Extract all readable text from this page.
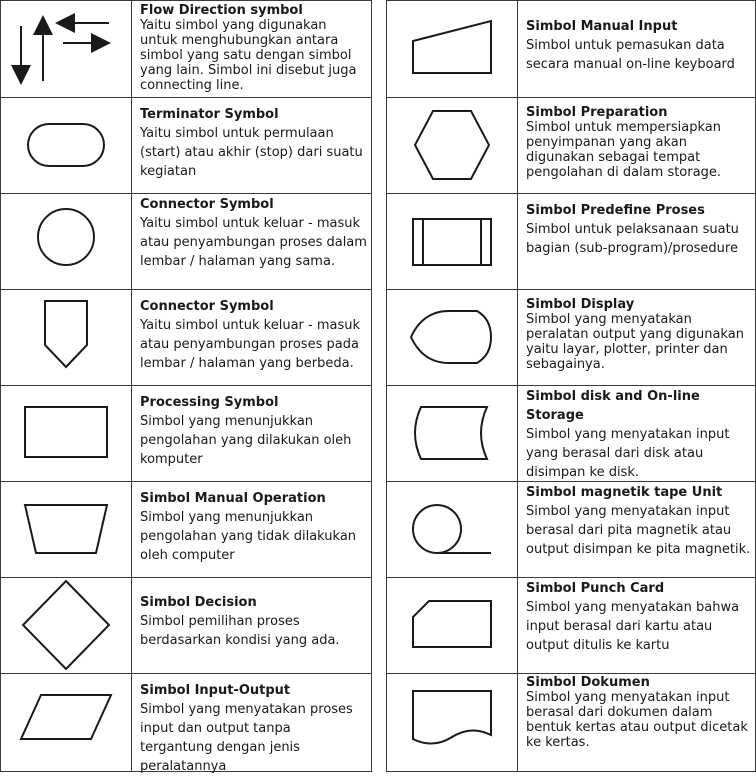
Flow Direction symbol
Yaitu simbol yang digunakan untuk menghubungkan antara simbol yang satu dengan simbol yang lain. Simbol ini disebut juga connecting line.
Terminator Symbol
Yaitu simbol untuk permulaan (start) atau akhir (stop) dari suatu kegiatan
Connector Symbol
Yaitu simbol untuk keluar - masuk atau penyambungan proses dalam lembar / halaman yang sama.
Connector Symbol
Yaitu simbol untuk keluar - masuk atau penyambungan proses pada lembar / halaman yang berbeda.
Processing Symbol
Simbol yang menunjukkan pengolahan yang dilakukan oleh komputer
Simbol Manual Operation
Simbol yang menunjukkan pengolahan yang tidak dilakukan oleh computer
Simbol Decision
Simbol pemilihan proses berdasarkan kondisi yang ada.
Simbol Input-Output
Simbol yang menyatakan proses input dan output tanpa tergantung dengan jenis peralatannya
Simbol Manual Input
Simbol untuk pemasukan data secara manual on-line keyboard
Simbol Preparation
Simbol untuk mempersiapkan penyimpanan yang akan digunakan sebagai tempat pengolahan di dalam storage.
Simbol Predefine Proses
Simbol untuk pelaksanaan suatu bagian (sub-program)/prosedure
Simbol Display
Simbol yang menyatakan peralatan output yang digunakan yaitu layar, plotter, printer dan sebagainya.
Simbol disk and On-line Storage
Simbol yang menyatakan input yang berasal dari disk atau disimpan ke disk.
Simbol magnetik tape Unit
Simbol yang menyatakan input berasal dari pita magnetik atau output disimpan ke pita magnetik.
Simbol Punch Card
Simbol yang menyatakan bahwa input berasal dari kartu atau output ditulis ke kartu
Simbol Dokumen
Simbol yang menyatakan input berasal dari dokumen dalam bentuk kertas atau output dicetak ke kertas.
